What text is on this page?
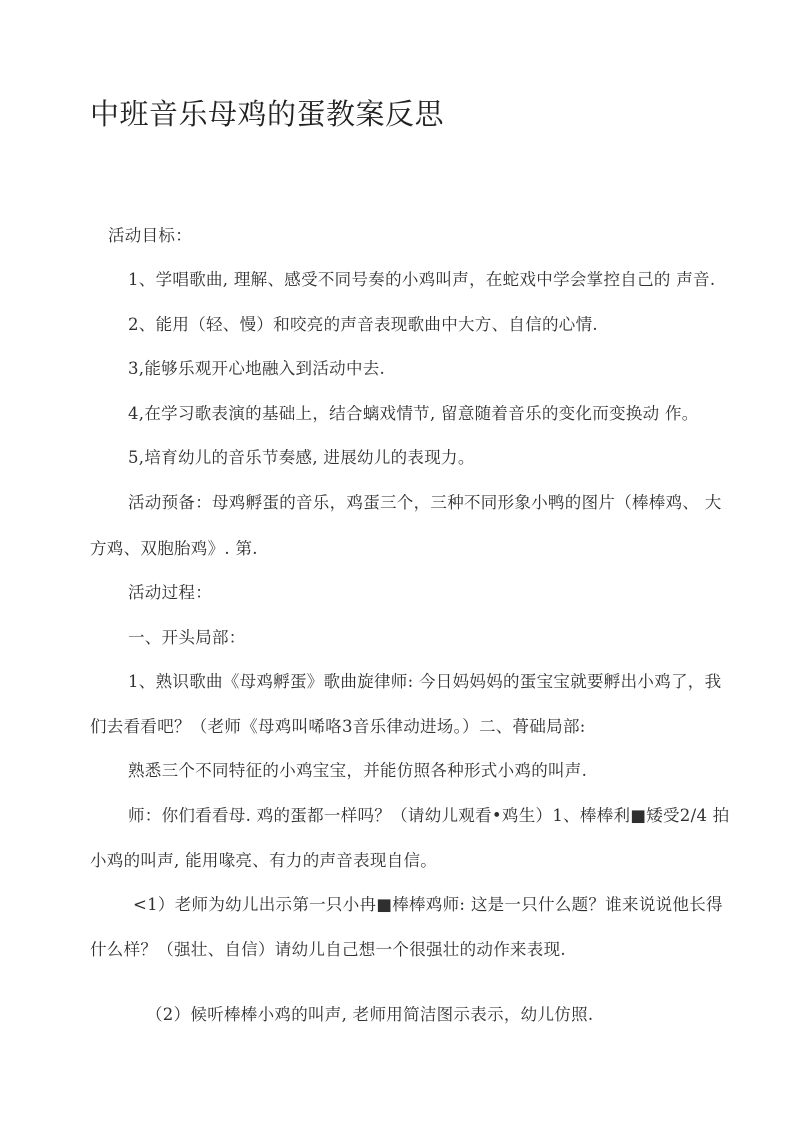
中班音乐母鸡的蛋教案反思
活动目标：
1、学唱歌曲, 理解、感受不同号奏的小鸡叫声，在蛇戏中学会掌控自己的 声音.
2、能用（轻、慢）和咬亮的声音表现歌曲中大方、自信的心情.
3,能够乐观开心地融入到活动中去.
4,在学习歌表演的基础上，结合螭戏情节, 留意随着音乐的变化而变换动 作。
5,培育幼儿的音乐节奏感, 进展幼儿的表现力。
活动预备：母鸡孵蛋的音乐，鸡蛋三个，三种不同形象小鸭的图片（棒棒鸡、 大
方鸡、双胞胎鸡》. 第.
活动过程：
一、开头局部：
1、熟识歌曲《母鸡孵蛋》歌曲旋律师: 今日妈妈妈的蛋宝宝就要孵出小鸡了，我
们去看看吧？（老师《母鸡叫唏咯3音乐律动进场。）二、蓇础局部:
熟悉三个不同特征的小鸡宝宝，并能仿照各种形式小鸡的叫声.
师：你们看看母. 鸡的蛋都一样吗？（请幼儿观看•鸡生）1、棒棒利■矮受2/4 拍
小鸡的叫声, 能用喙亮、有力的声音表现自信。
<1）老师为幼儿出示第一只小冉■棒棒鸡师: 这是一只什么题？谁来说说他长得
什么样？（强壮、自信）请幼儿自己想一个很强壮的动作来表现.
（2）候听棒棒小鸡的叫声, 老师用简洁图示表示，幼儿仿照.
